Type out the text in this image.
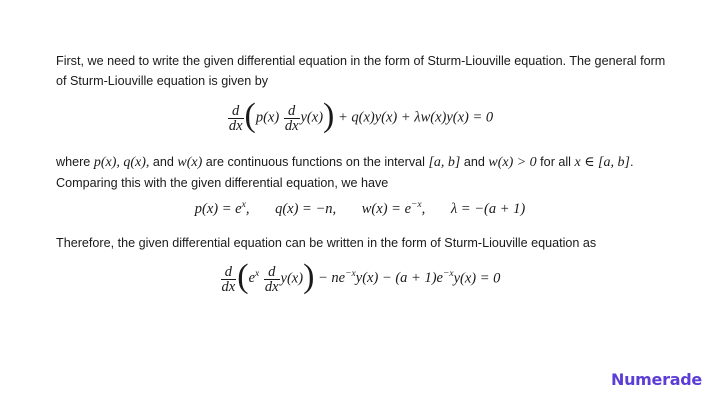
First, we need to write the given differential equation in the form of Sturm-Liouville equation. The general form of Sturm-Liouville equation is given by
$\frac{d}{dx} (p(x) \frac{d}{dx} y(x)) + q(x)y(x) + \lambda w(x)y(x) = 0$
where p(x), q(x), and w(x) are continuous functions on the interval [a, b] and w(x) > 0 for all x ∈ [a, b]. Comparing this with the given differential equation, we have
$p(x) = e^x$, q(x) = −n, $w(x) = e^{-x}$, λ = −(a + 1)
Therefore, the given differential equation can be written in the form of Sturm-Liouville equation as
$\frac{d}{dx} (e^x \frac{d}{dx} y(x)) - ne^{-x}y(x) - (a + 1)e^{-x}y(x) = 0$
Numerade
